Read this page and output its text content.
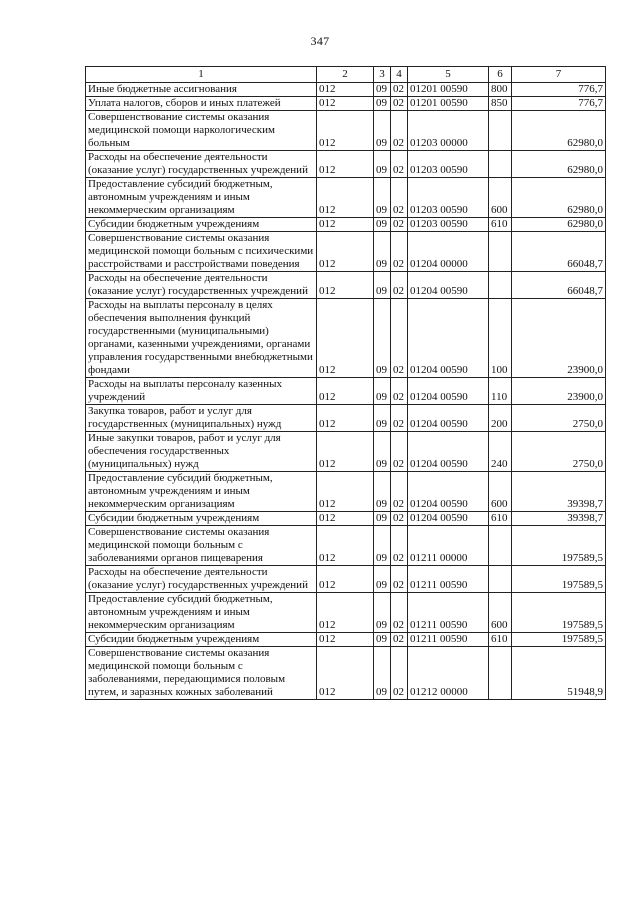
347
1	2	3	4	5	6	7
Иные бюджетные ассигнования	012	09	02	01201 00590	800	776,7
Уплата налогов, сборов и иных платежей	012	09	02	01201 00590	850	776,7
Совершенствование системы оказания медицинской помощи наркологическим больным	012	09	02	01203 00000		62980,0
Расходы на обеспечение деятельности (оказание услуг) государственных учреждений	012	09	02	01203 00590		62980,0
Предоставление субсидий бюджетным, автономным учреждениям и иным некоммерческим организациям	012	09	02	01203 00590	600	62980,0
Субсидии бюджетным учреждениям	012	09	02	01203 00590	610	62980,0
Совершенствование системы оказания медицинской помощи больным с психическими расстройствами и расстройствами поведения	012	09	02	01204 00000		66048,7
Расходы на обеспечение деятельности (оказание услуг) государственных учреждений	012	09	02	01204 00590		66048,7
Расходы на выплаты персоналу в целях обеспечения выполнения функций государственными (муниципальными) органами, казенными учреждениями, органами управления государственными внебюджетными фондами	012	09	02	01204 00590	100	23900,0
Расходы на выплаты персоналу казенных учреждений	012	09	02	01204 00590	110	23900,0
Закупка товаров, работ и услуг для государственных (муниципальных) нужд	012	09	02	01204 00590	200	2750,0
Иные закупки товаров, работ и услуг для обеспечения государственных (муниципальных) нужд	012	09	02	01204 00590	240	2750,0
Предоставление субсидий бюджетным, автономным учреждениям и иным некоммерческим организациям	012	09	02	01204 00590	600	39398,7
Субсидии бюджетным учреждениям	012	09	02	01204 00590	610	39398,7
Совершенствование системы оказания медицинской помощи больным с заболеваниями органов пищеварения	012	09	02	01211 00000		197589,5
Расходы на обеспечение деятельности (оказание услуг) государственных учреждений	012	09	02	01211 00590		197589,5
Предоставление субсидий бюджетным, автономным учреждениям и иным некоммерческим организациям	012	09	02	01211 00590	600	197589,5
Субсидии бюджетным учреждениям	012	09	02	01211 00590	610	197589,5
Совершенствование системы оказания медицинской помощи больным с заболеваниями, передающимися половым путем, и заразных кожных заболеваний	012	09	02	01212 00000		51948,9
